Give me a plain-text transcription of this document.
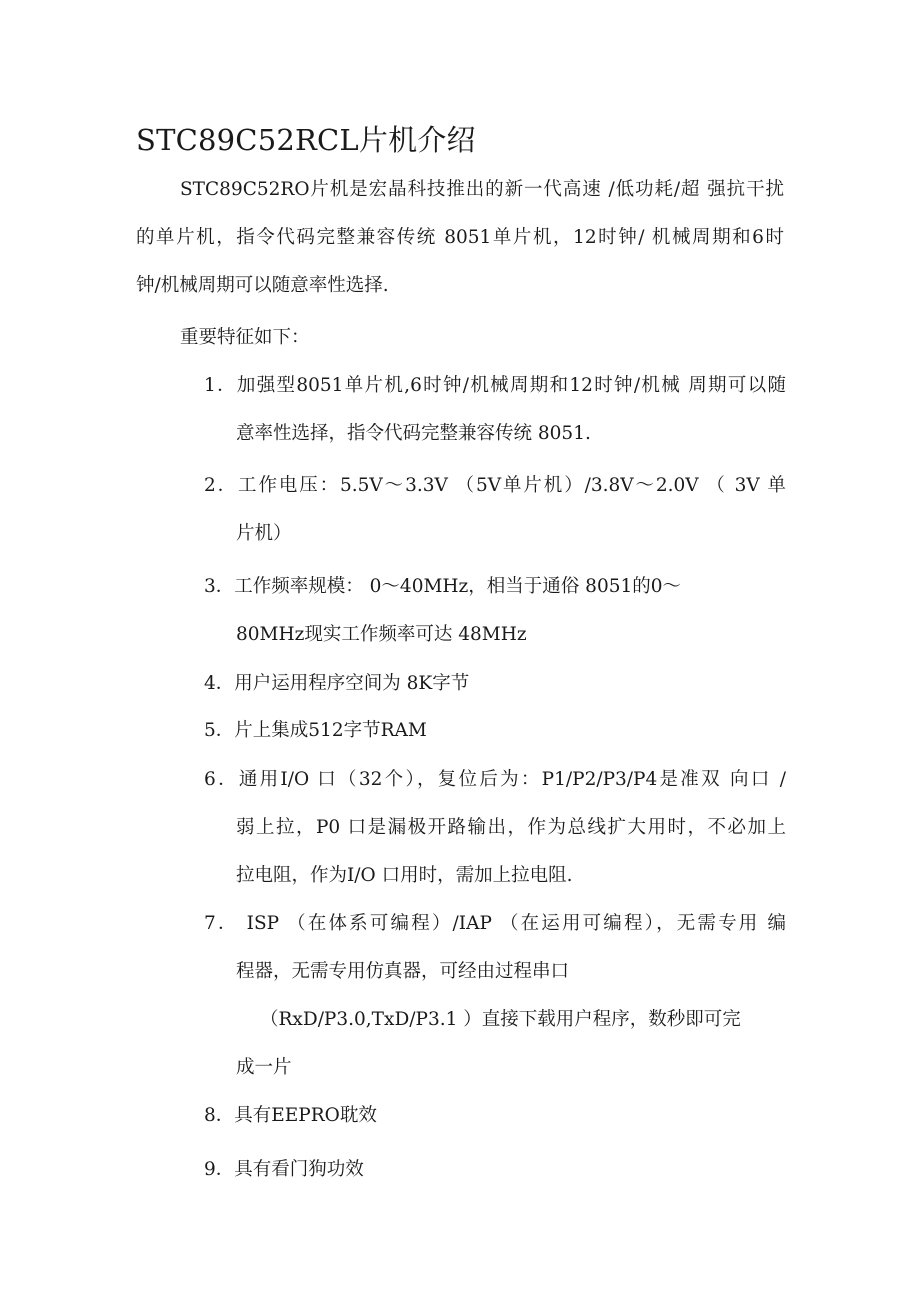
STC89C52RCL片机介绍
STC89C52RO片机是宏晶科技推出的新一代高速 /低功耗/超 强抗干扰
的单片机，指令代码完整兼容传统 8051单片机，12时钟/ 机械周期和6时
钟/机械周期可以随意率性选择.
重要特征如下：
1．加强型8051单片机,6时钟/机械周期和12时钟/机械 周期可以随
意率性选择，指令代码完整兼容传统 8051.
2．工作电压：5.5V～3.3V （5V单片机）/3.8V～2.0V （ 3V 单
片机）
3．工作频率规模： 0～40MHz，相当于通俗 8051的0～
80MHz现实工作频率可达 48MHz
4．用户运用程序空间为 8K字节
5．片上集成512字节RAM
6．通用I/O 口（32个），复位后为：P1/P2/P3/P4是准双 向口 /
弱上拉，P0 口是漏极开路输出，作为总线扩大用时，不必加上
拉电阻，作为I/O 口用时，需加上拉电阻.
7． ISP （在体系可编程）/IAP （在运用可编程），无需专用 编
程器，无需专用仿真器，可经由过程串口
（RxD/P3.0,TxD/P3.1 ）直接下载用户程序，数秒即可完
成一片
8．具有EEPRO耽效
9．具有看门狗功效
